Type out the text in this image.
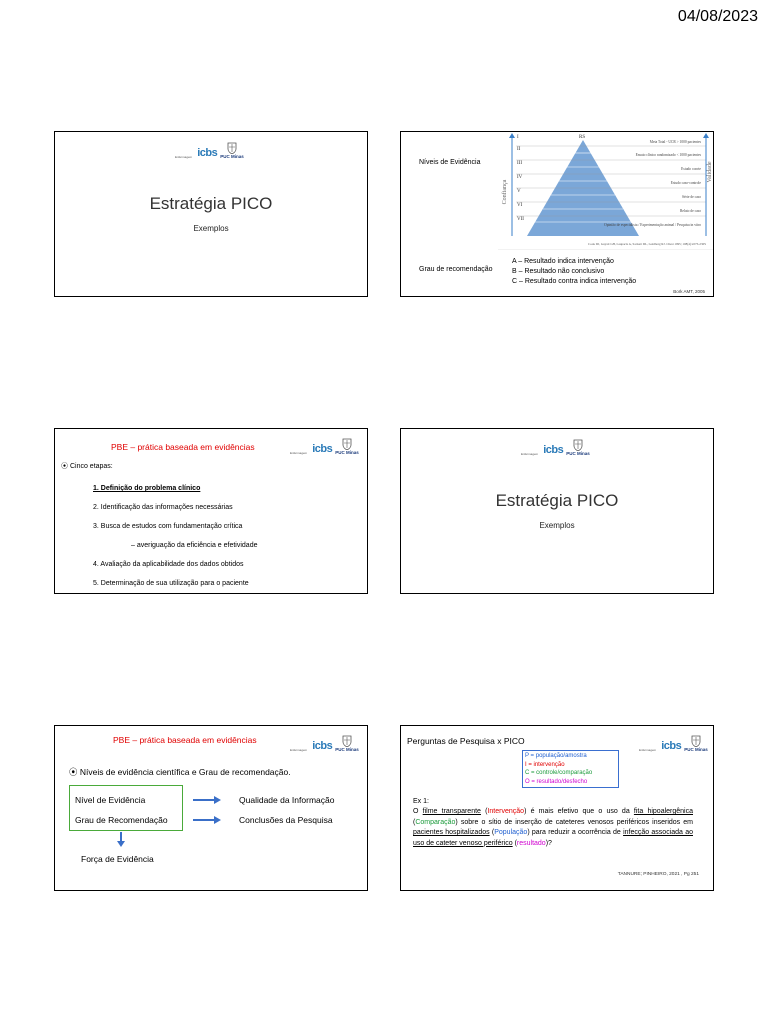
04/08/2023
Enfermagem icbs PUC Minas
Estratégia PICO
Exemplos
Níveis de Evidência
I
II
III
IV
V
VI
VII
RS
Meta Total - UCR > 1000 pacientes
Ensaio clínico randomizado < 1000 pacientes
Estudo coorte
Estudo caso-controle
Série de caso
Relato de caso
Opinião de especialista / Experimentação animal / Pesquisa in vitro
Confiança
Validade
Cook DJ, Guyatt GH, Laupacis A, Sackett DL, Goldberg RJ. Chest 1995; 108(4):227S-230S
Grau de recomendação
A – Resultado indica intervenção
B – Resultado não conclusivo
C – Resultado contra indica intervenção
Bork AMT, 2005
PBE – prática baseada em evidências
Enfermagem icbs PUC Minas
⦿ Cinco etapas:
1. Definição do problema clínico
2. Identificação das informações necessárias
3. Busca de estudos com fundamentação crítica
– averiguação da eficiência e efetividade
4. Avaliação da aplicabilidade dos dados obtidos
5. Determinação de sua utilização para o paciente
Enfermagem icbs PUC Minas
Estratégia PICO
Exemplos
PBE – prática baseada em evidências
Enfermagem icbs PUC Minas
⦿ Níveis de evidência científica e Grau de recomendação.
Nível de Evidência
Grau de Recomendação
Qualidade da Informação
Conclusões da Pesquisa
Força de Evidência
Perguntas de Pesquisa x PICO
Enfermagem icbs PUC Minas
P = população/amostra
I = intervenção
C = controle/comparação
O = resultado/desfecho
Ex 1:
O filme transparente (Intervenção) é mais efetivo que o uso da fita hipoalergênica (Comparação) sobre o sítio de inserção de cateteres venosos periféricos inseridos em pacientes hospitalizados (População) para reduzir a ocorrência de infecção associada ao uso de cateter venoso periférico (resultado)?
TANNURE; PINHEIRO, 2021 , Pg 251
